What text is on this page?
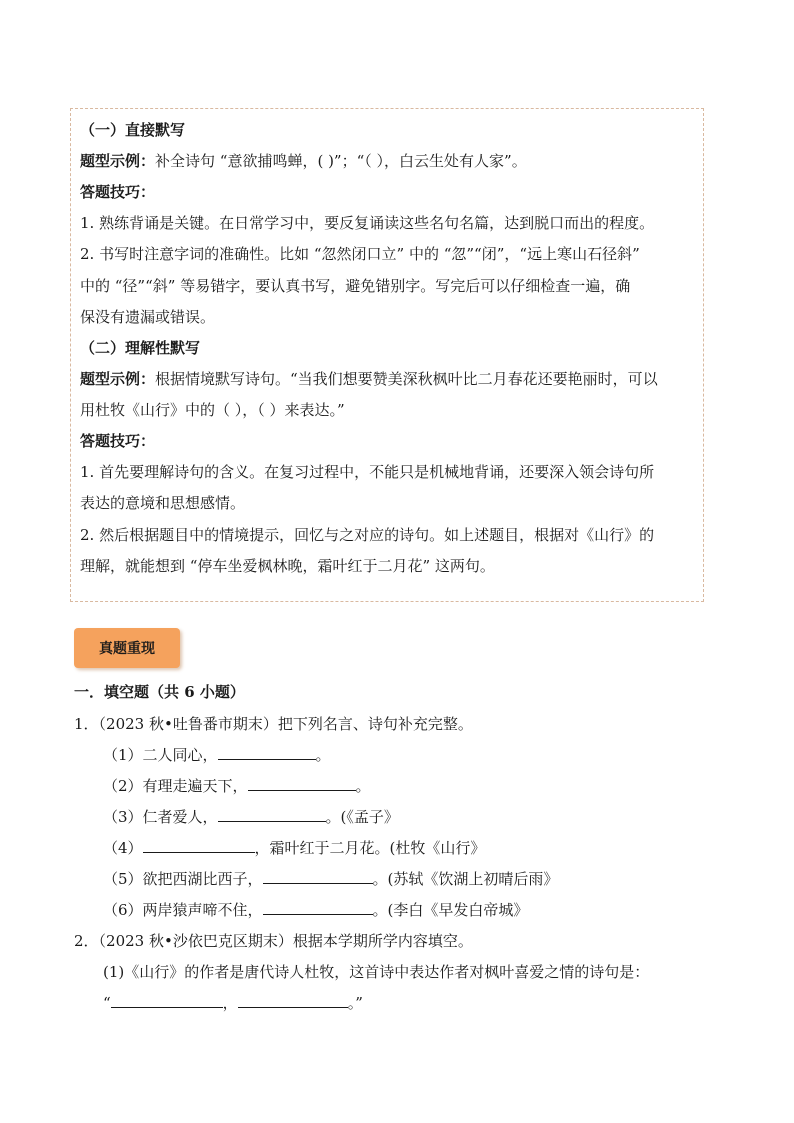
（一）直接默写
题型示例：补全诗句 “意欲捕鸣蝉，( )”；“（ ），白云生处有人家”。
答题技巧：
1. 熟练背诵是关键。在日常学习中，要反复诵读这些名句名篇，达到脱口而出的程度。
2. 书写时注意字词的准确性。比如 “忽然闭口立” 中的 “忽”“闭”，“远上寒山石径斜”
中的 “径”“斜” 等易错字，要认真书写，避免错别字。写完后可以仔细检查一遍，确
保没有遗漏或错误。
（二）理解性默写
题型示例：根据情境默写诗句。“当我们想要赞美深秋枫叶比二月春花还要艳丽时，可以
用杜牧《山行》中的（ ），（ ）来表达。”
答题技巧：
1. 首先要理解诗句的含义。在复习过程中，不能只是机械地背诵，还要深入领会诗句所
表达的意境和思想感情。
2. 然后根据题目中的情境提示，回忆与之对应的诗句。如上述题目，根据对《山行》的
理解，就能想到 “停车坐爱枫林晚，霜叶红于二月花” 这两句。
真题重现
一．填空题（共 6 小题）
1．（2023 秋•吐鲁番市期末）把下列名言、诗句补充完整。
（1）二人同心，	。
（2）有理走遍天下，	。
（3）仁者爱人，	。(《孟子》
（4）	，霜叶红于二月花。(杜牧《山行》
（5）欲把西湖比西子，	。(苏轼《饮湖上初晴后雨》
（6）两岸猿声啼不住，	。(李白《早发白帝城》
2．（2023 秋•沙依巴克区期末）根据本学期所学内容填空。
(1)《山行》的作者是唐代诗人杜牧，这首诗中表达作者对枫叶喜爱之情的诗句是：
“	，	。”
